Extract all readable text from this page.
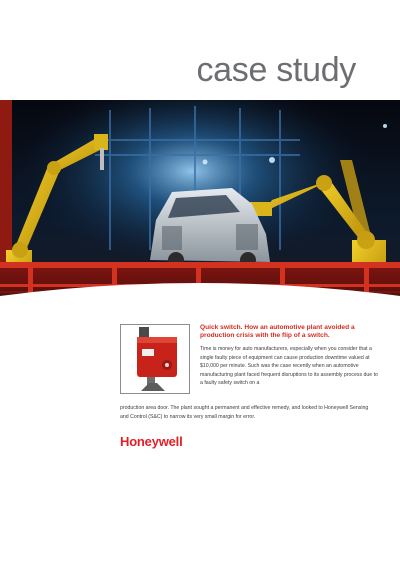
case study
Quick switch. How an automotive plant avoided a production crisis with the flip of a switch.
Time is money for auto manufacturers, especially when you consider that a single faulty piece of equipment can cause production downtime valued at $10,000 per minute. Such was the case recently when an automotive manufacturing plant faced frequent disruptions to its assembly process due to a faulty safety switch on a
production area door. The plant sought a permanent and effective remedy, and looked to Honeywell Sensing and Control (S&C) to narrow its very small margin for error.
Honeywell
